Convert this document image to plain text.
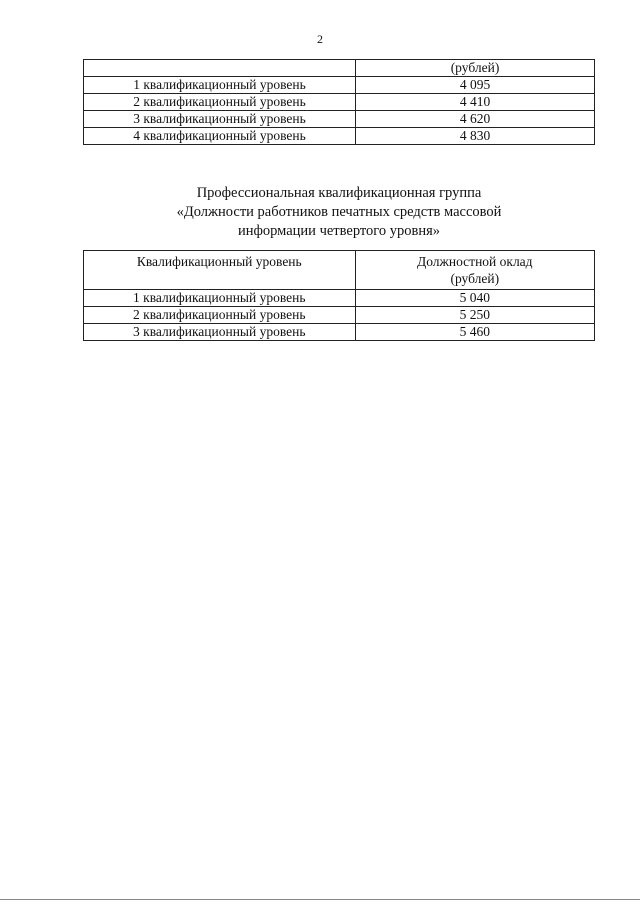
2
	(рублей)
1 квалификационный уровень	4 095
2 квалификационный уровень	4 410
3 квалификационный уровень	4 620
4 квалификационный уровень	4 830
Профессиональная квалификационная группа
«Должности работников печатных средств массовой
информации четвертого уровня»
Квалификационный уровень	Должностной оклад
(рублей)

1 квалификационный уровень	5 040
2 квалификационный уровень	5 250
3 квалификационный уровень	5 460
